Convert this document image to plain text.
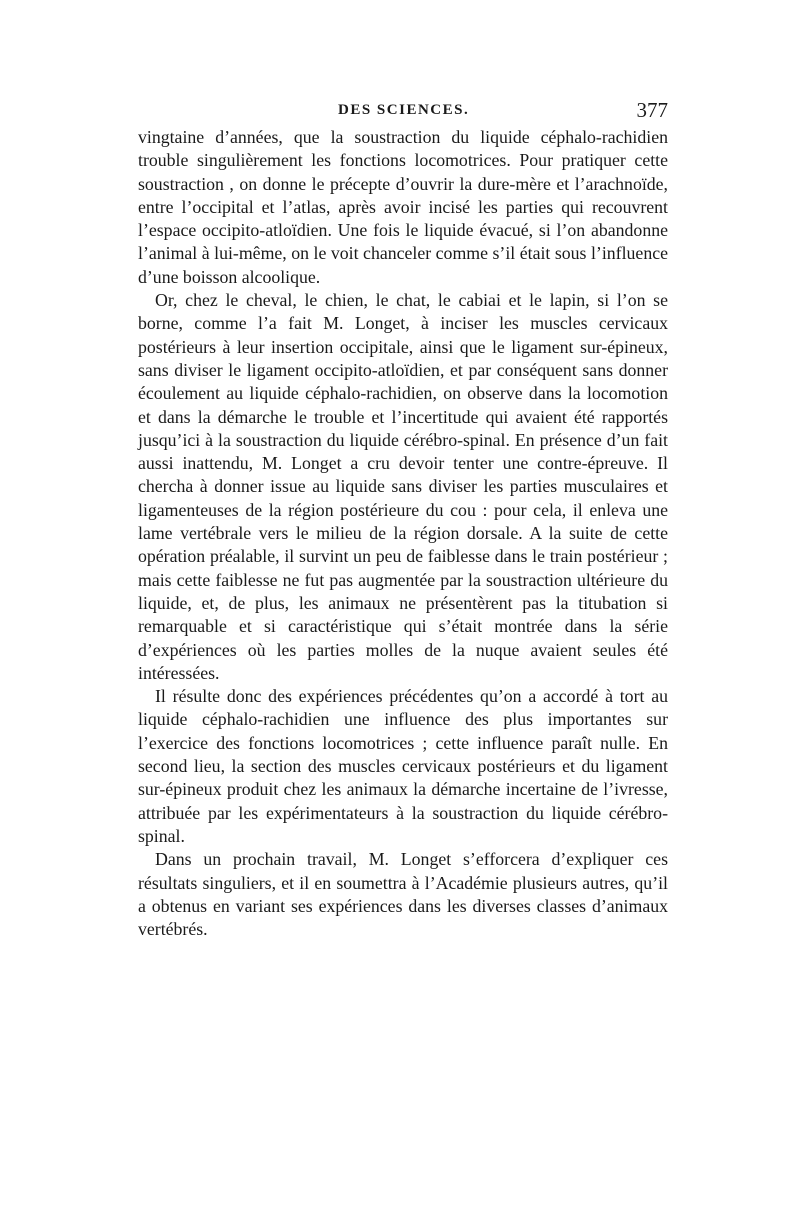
DES SCIENCES.	377

vingtaine d’années, que la soustraction du liquide céphalo-rachidien trouble singulièrement les fonctions locomotrices. Pour pratiquer cette soustraction , on donne le précepte d’ouvrir la dure-mère et l’arachnoïde, entre l’occipital et l’atlas, après avoir incisé les parties qui recouvrent l’espace occipito-atloïdien. Une fois le liquide évacué, si l’on abandonne l’animal à lui-même, on le voit chanceler comme s’il était sous l’influence d’une boisson alcoolique.

Or, chez le cheval, le chien, le chat, le cabiai et le lapin, si l’on se borne, comme l’a fait M. Longet, à inciser les muscles cervicaux postérieurs à leur insertion occipitale, ainsi que le ligament sur-épineux, sans diviser le ligament occipito-atloïdien, et par conséquent sans donner écoulement au liquide céphalo-rachidien, on observe dans la locomotion et dans la démarche le trouble et l’incertitude qui avaient été rapportés jusqu’ici à la soustraction du liquide cérébro-spinal. En présence d’un fait aussi inattendu, M. Longet a cru devoir tenter une contre-épreuve. Il chercha à donner issue au liquide sans diviser les parties musculaires et ligamenteuses de la région postérieure du cou : pour cela, il enleva une lame vertébrale vers le milieu de la région dorsale. A la suite de cette opération préalable, il survint un peu de faiblesse dans le train postérieur ; mais cette faiblesse ne fut pas augmentée par la soustraction ultérieure du liquide, et, de plus, les animaux ne présentèrent pas la titubation si remarquable et si caractéristique qui s’était montrée dans la série d’expériences où les parties molles de la nuque avaient seules été intéressées.

Il résulte donc des expériences précédentes qu’on a accordé à tort au liquide céphalo-rachidien une influence des plus importantes sur l’exercice des fonctions locomotrices ; cette influence paraît nulle. En second lieu, la section des muscles cervicaux postérieurs et du ligament sur-épineux produit chez les animaux la démarche incertaine de l’ivresse, attribuée par les expérimentateurs à la soustraction du liquide cérébro-spinal.

Dans un prochain travail, M. Longet s’efforcera d’expliquer ces résultats singuliers, et il en soumettra à l’Académie plusieurs autres, qu’il a obtenus en variant ses expériences dans les diverses classes d’animaux vertébrés.
